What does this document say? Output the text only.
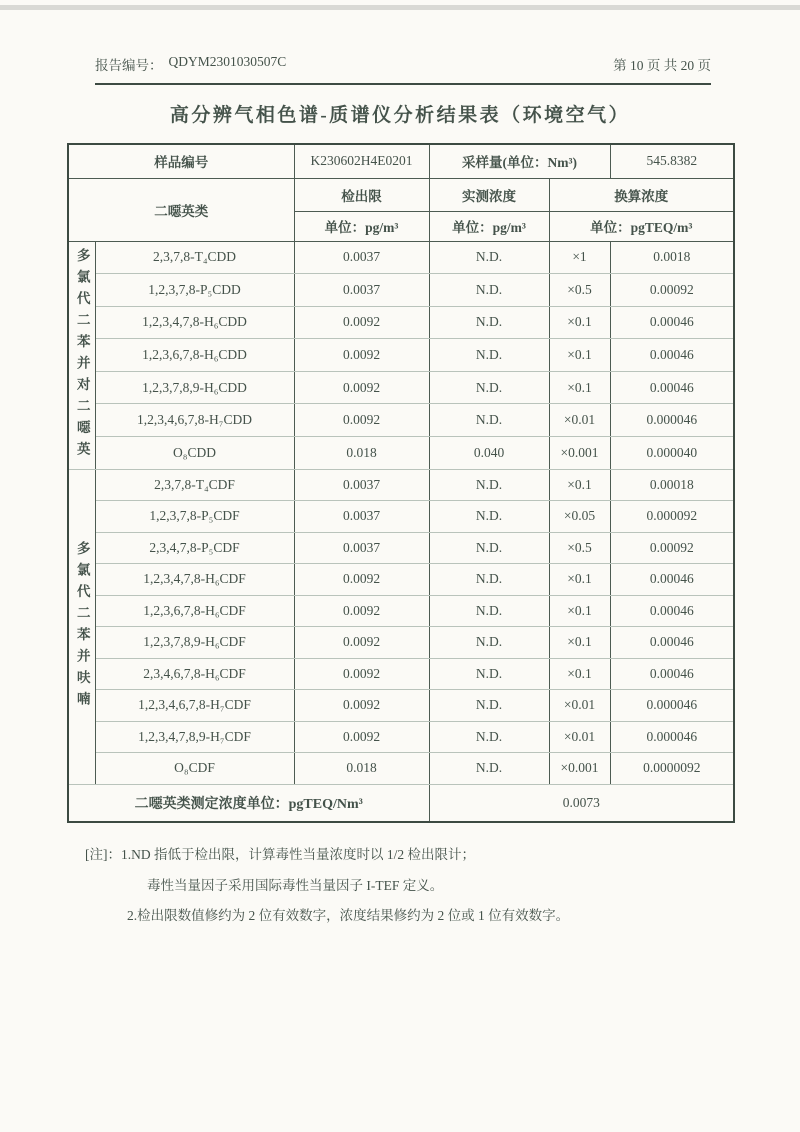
报告编号： QDYM2301030507C	第 10 页 共 20 页
高分辨气相色谱-质谱仪分析结果表（环境空气）
样品编号		K230602H4E0201	采样量(单位：Nm³)		545.8382
二噁英类		检出限	实测浓度	换算浓度	
		单位：pg/m³	单位：pg/m³	单位：pgTEQ/m³	
多氯代二苯并对二噁英	2,3,7,8-T₄CDD	0.0037	N.D.	×1	0.0018
	1,2,3,7,8-P₅CDD	0.0037	N.D.	×0.5	0.00092
	1,2,3,4,7,8-H₆CDD	0.0092	N.D.	×0.1	0.00046
	1,2,3,6,7,8-H₆CDD	0.0092	N.D.	×0.1	0.00046
	1,2,3,7,8,9-H₆CDD	0.0092	N.D.	×0.1	0.00046
	1,2,3,4,6,7,8-H₇CDD	0.0092	N.D.	×0.01	0.000046
	O₈CDD	0.018	0.040	×0.001	0.000040
多氯代二苯并呋喃	2,3,7,8-T₄CDF	0.0037	N.D.	×0.1	0.00018
	1,2,3,7,8-P₅CDF	0.0037	N.D.	×0.05	0.000092
	2,3,4,7,8-P₅CDF	0.0037	N.D.	×0.5	0.00092
	1,2,3,4,7,8-H₆CDF	0.0092	N.D.	×0.1	0.00046
	1,2,3,6,7,8-H₆CDF	0.0092	N.D.	×0.1	0.00046
	1,2,3,7,8,9-H₆CDF	0.0092	N.D.	×0.1	0.00046
	2,3,4,6,7,8-H₆CDF	0.0092	N.D.	×0.1	0.00046
	1,2,3,4,6,7,8-H₇CDF	0.0092	N.D.	×0.01	0.000046
	1,2,3,4,7,8,9-H₇CDF	0.0092	N.D.	×0.01	0.000046
	O₈CDF	0.018	N.D.	×0.001	0.0000092
二噁英类测定浓度单位：pgTEQ/Nm³			0.0073		
[注]：1.ND 指低于检出限，计算毒性当量浓度时以 1/2 检出限计；
毒性当量因子采用国际毒性当量因子 I-TEF 定义。
2.检出限数值修约为 2 位有效数字，浓度结果修约为 2 位或 1 位有效数字。
